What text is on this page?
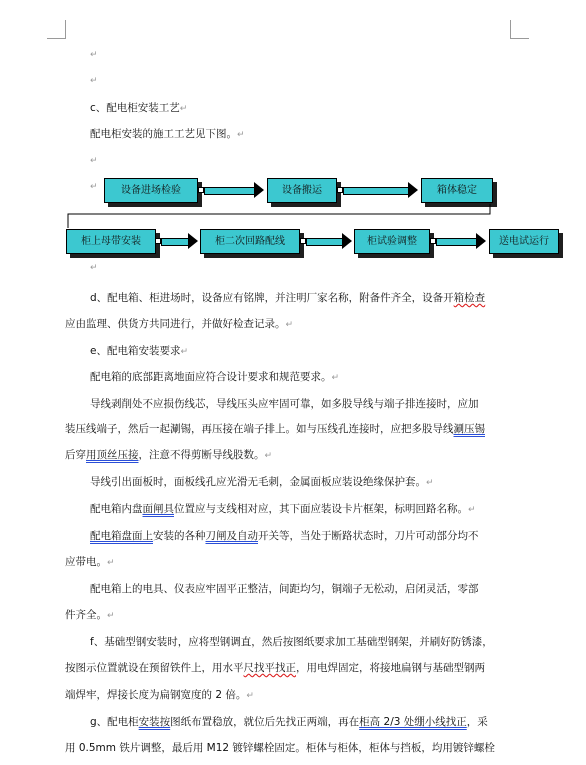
↵
↵
c、配电柜安装工艺↵
配电柜安装的施工工艺见下图。↵
↵
↵	设备进场检验	设备搬运	箱体稳定
柜上母带安装	柜二次回路配线	柜试验调整	送电试运行
↵
d、配电箱、柜进场时，设备应有铭牌，并注明厂家名称，附备件齐全，设备开箱检查
应由监理、供货方共同进行，并做好检查记录。↵
e、配电箱安装要求↵
配电箱的底部距离地面应符合设计要求和规范要求。↵
导线剥削处不应损伤线芯，导线压头应牢固可靠，如多股导线与端子排连接时，应加
装压线端子，然后一起涮锡，再压接在端子排上。如与压线孔连接时，应把多股导线涮压锡
后穿用顶丝压接，注意不得剪断导线股数。↵
导线引出面板时，面板线孔应光滑无毛刺，金属面板应装设绝缘保护套。↵
配电箱内盘面闸具位置应与支线相对应，其下面应装设卡片框架，标明回路名称。↵
配电箱盘面上安装的各种刀闸及自动开关等，当处于断路状态时，刀片可动部分均不
应带电。↵
配电箱上的电具、仪表应牢固平正整洁，间距均匀，铜端子无松动，启闭灵活，零部
件齐全。↵
f、基础型钢安装时，应将型钢调直，然后按图纸要求加工基础型钢架，并刷好防锈漆，
按图示位置就设在预留铁件上，用水平尺找平找正，用电焊固定，将接地扁钢与基础型钢两
端焊牢，焊接长度为扁钢宽度的 2 倍。↵
g、配电柜安装按图纸布置稳放，就位后先找正两端，再在柜高 2/3 处绷小线找正，采
用 0.5mm 铁片调整，最后用 M12 镀锌螺栓固定。柜体与柜体，柜体与挡板，均用镀锌螺栓
